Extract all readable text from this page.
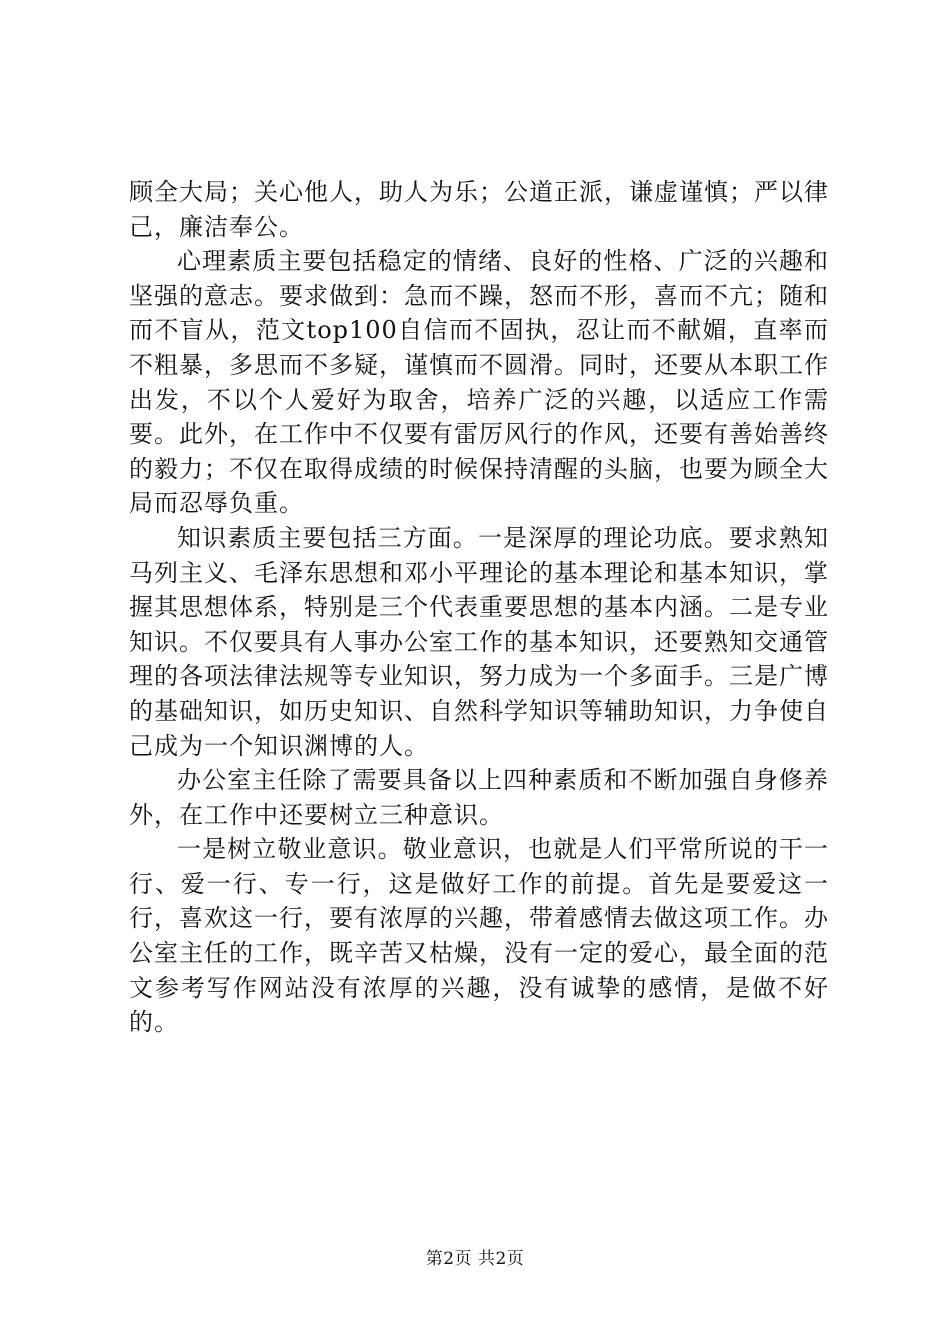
顾全大局；关心他人，助人为乐；公道正派，谦虚谨慎；严以律己，廉洁奉公。

心理素质主要包括稳定的情绪、良好的性格、广泛的兴趣和坚强的意志。要求做到：急而不躁，怒而不形，喜而不亢；随和而不盲从，范文top100自信而不固执，忍让而不献媚，直率而不粗暴，多思而不多疑，谨慎而不圆滑。同时，还要从本职工作出发，不以个人爱好为取舍，培养广泛的兴趣，以适应工作需要。此外，在工作中不仅要有雷厉风行的作风，还要有善始善终的毅力；不仅在取得成绩的时候保持清醒的头脑，也要为顾全大局而忍辱负重。

知识素质主要包括三方面。一是深厚的理论功底。要求熟知马列主义、毛泽东思想和邓小平理论的基本理论和基本知识，掌握其思想体系，特别是三个代表重要思想的基本内涵。二是专业知识。不仅要具有人事办公室工作的基本知识，还要熟知交通管理的各项法律法规等专业知识，努力成为一个多面手。三是广博的基础知识，如历史知识、自然科学知识等辅助知识，力争使自己成为一个知识渊博的人。

办公室主任除了需要具备以上四种素质和不断加强自身修养外，在工作中还要树立三种意识。

一是树立敬业意识。敬业意识，也就是人们平常所说的干一行、爱一行、专一行，这是做好工作的前提。首先是要爱这一行，喜欢这一行，要有浓厚的兴趣，带着感情去做这项工作。办公室主任的工作，既辛苦又枯燥，没有一定的爱心，最全面的范文参考写作网站没有浓厚的兴趣，没有诚挚的感情，是做不好的。

第2页 共2页
